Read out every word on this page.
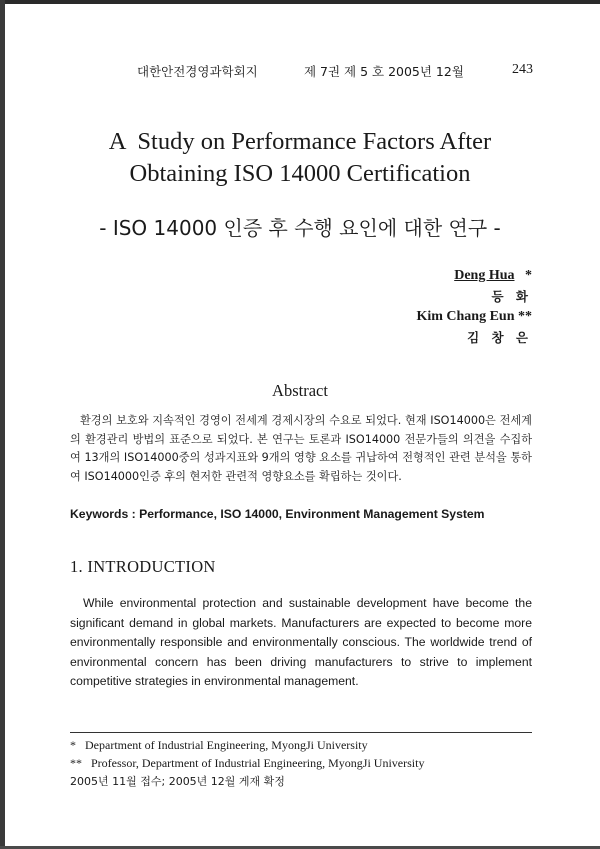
대한안전경영과학회지	제 7권 제 5 호 2005년 12월	243
A  Study on Performance Factors After
Obtaining ISO 14000 Certification
- ISO 14000 인증 후 수행 요인에 대한 연구 -
Deng Hua *
등 화
Kim Chang Eun **
김 창 은
Abstract
환경의 보호와 지속적인 경영이 전세계 경제시장의 수요로 되었다. 현재 ISO14000은 전세계의 환경관리 방법의 표준으로 되었다. 본 연구는 토론과 ISO14000 전문가들의 의견을 수집하여 13개의 ISO14000중의 성과지표와 9개의 영향 요소를 귀납하여 전형적인 관련 분석을 통하여 ISO14000인증 후의 현저한 관련적 영향요소를 확립하는 것이다.
Keywords : Performance, ISO 14000, Environment Management System
1. INTRODUCTION
While environmental protection and sustainable development have become the significant demand in global markets. Manufacturers are expected to become more environmentally responsible and environmentally conscious. The worldwide trend of environmental concern has been driving manufacturers to strive to implement competitive strategies in environmental management.
* Department of Industrial Engineering, MyongJi University
** Professor, Department of Industrial Engineering, MyongJi University
2005년 11월 접수; 2005년 12월 게재 확정
